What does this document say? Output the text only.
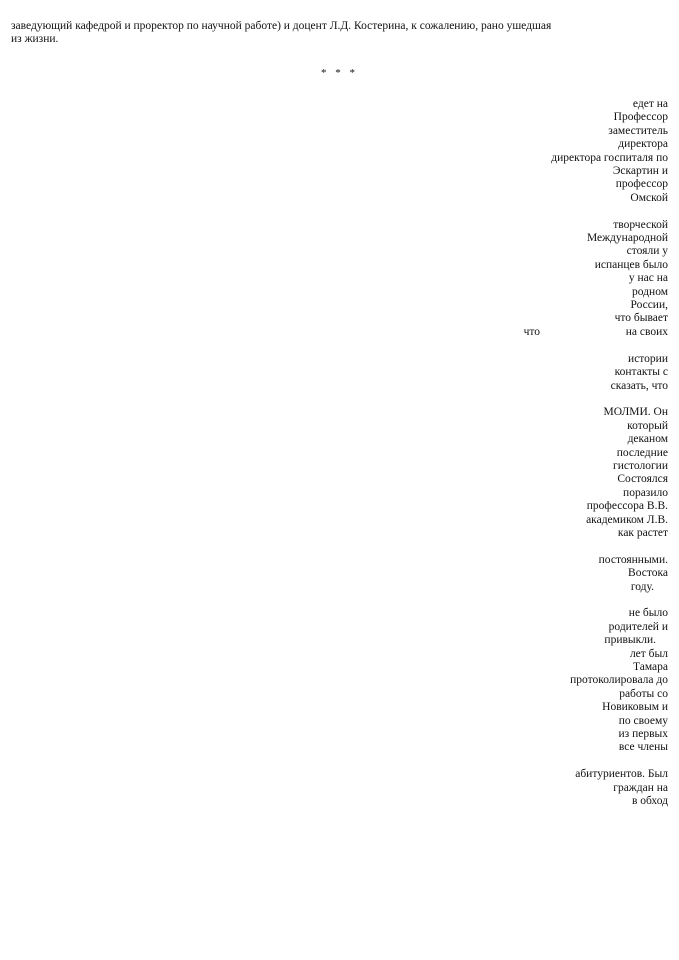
заведующий кафедрой и проректор по научной работе) и доцент Л.Д. Костерина, к сожалению, рано ушедшая
из жизни.

* * *
едет на
Профессор
заместитель
директора
директора госпиталя по
Эскартин и
профессор
Омской
творческой
Международной
стояли у
испанцев было
у нас на
родном
России,
что бывает
что	на своих
истории
контакты с
сказать, что
МОЛМИ. Он
который
деканом
последние
гистологии
Состоялся
поразило
профессора В.В.
академиком Л.В.
как растет
постоянными.
Востока
году.
не было
родителей и
привыкли.
лет был
Тамара
протоколировала до
работы со
Новиковым и
по своему
из первых
все члены
абитуриентов. Был
граждан на
в обход
